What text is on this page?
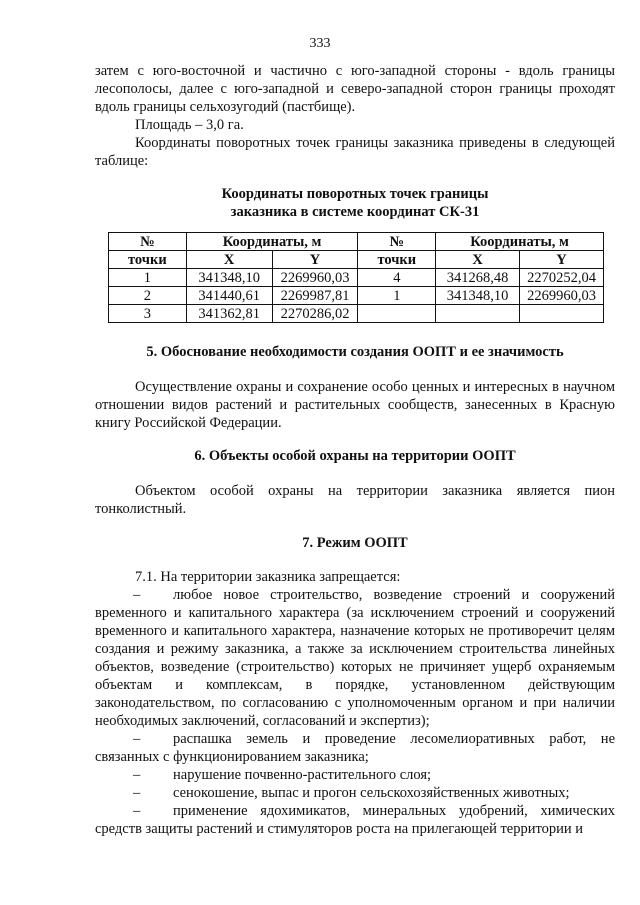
333

затем с юго-восточной и частично с юго-западной стороны - вдоль границы лесополосы, далее с юго-западной и северо-западной сторон границы проходят вдоль границы сельхозугодий (пастбище).

Площадь – 3,0 га.

Координаты поворотных точек границы заказника приведены в следующей таблице:

Координаты поворотных точек границы
заказника в системе координат СК-31
№	Координаты, м		№	Координаты, м	
точки	X	Y	точки	X	Y
1	341348,10	2269960,03	4	341268,48	2270252,04
2	341440,61	2269987,81	1	341348,10	2269960,03
3	341362,81	2270286,02			
5. Обоснование необходимости создания ООПТ и ее значимость

Осуществление охраны и сохранение особо ценных и интересных в научном отношении видов растений и растительных сообществ, занесенных в Красную книгу Российской Федерации.

6. Объекты особой охраны на территории ООПТ

Объектом особой охраны на территории заказника является пион тонколистный.

7. Режим ООПТ

7.1. На территории заказника запрещается:

–	любое новое строительство, возведение строений и сооружений временного и капитального характера (за исключением строений и сооружений временного и капитального характера, назначение которых не противоречит целям создания и режиму заказника, а также за исключением строительства линейных объектов, возведение (строительство) которых не причиняет ущерб охраняемым объектам и комплексам, в порядке, установленном действующим законодательством, по согласованию с уполномоченным органом и при наличии необходимых заключений, согласований и экспертиз);

–	распашка земель и проведение лесомелиоративных работ, не связанных с функционированием заказника;

–	нарушение почвенно-растительного слоя;

–	сенокошение, выпас и прогон сельскохозяйственных животных;

–	применение ядохимикатов, минеральных удобрений, химических средств защиты растений и стимуляторов роста на прилегающей территории и
